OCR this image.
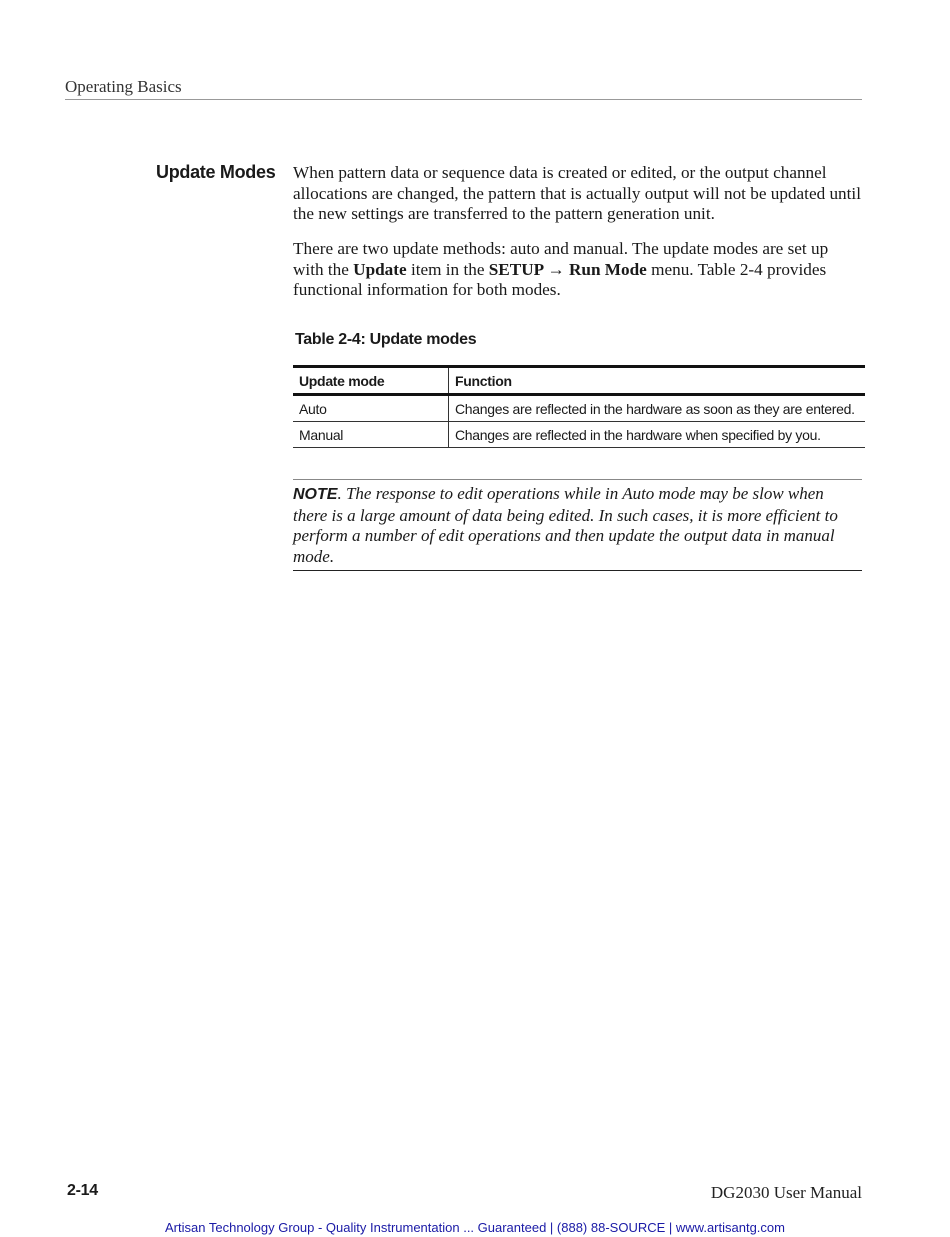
Operating Basics
Update Modes When pattern data or sequence data is created or edited, or the output channel allocations are changed, the pattern that is actually output will not be updated until the new settings are transferred to the pattern generation unit.

There are two update methods: auto and manual. The update modes are set up with the Update item in the SETUP → Run Mode menu. Table 2-4 provides functional information for both modes.

Table 2-4: Update modes
Update mode	Function
Auto	Changes are reflected in the hardware as soon as they are entered.
Manual	Changes are reflected in the hardware when specified by you.
NOTE. The response to edit operations while in Auto mode may be slow when there is a large amount of data being edited. In such cases, it is more efficient to perform a number of edit operations and then update the output data in manual mode.
2-14	DG2030 User Manual
Artisan Technology Group - Quality Instrumentation ... Guaranteed | (888) 88-SOURCE | www.artisantg.com
